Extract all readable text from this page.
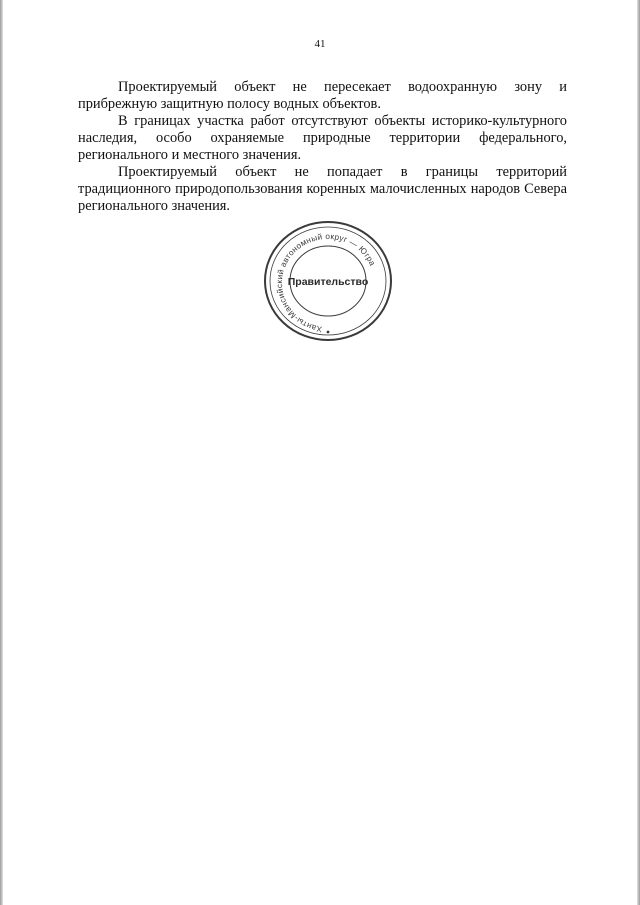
41

Проектируемый объект не пересекает водоохранную зону и прибрежную защитную полосу водных объектов.

В границах участка работ отсутствуют объекты историко-культурного наследия, особо охраняемые природные территории федерального, регионального и местного значения.

Проектируемый объект не попадает в границы территорий традиционного природопользования коренных малочисленных народов Севера регионального значения.

Ханты-Мансийский автономный округ — Югра
Правительство
